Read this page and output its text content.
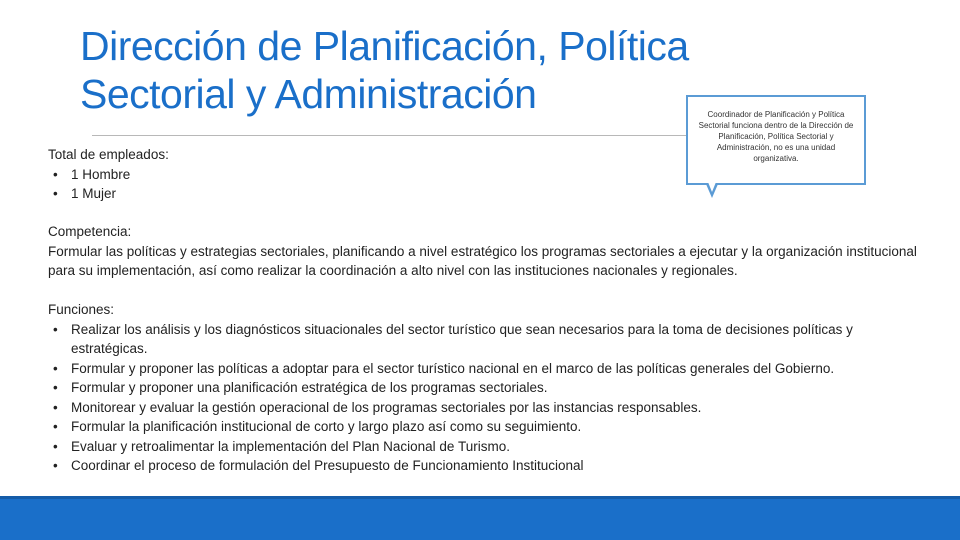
Dirección de Planificación, Política
Sectorial y Administración	Coordinador de Planificación y Política Sectorial funciona dentro de la Dirección de Planificación, Política Sectorial y Administración, no es una unidad organizativa.
Total de empleados:
• 1 Hombre
• 1 Mujer
Competencia:
Formular las políticas y estrategias sectoriales, planificando a nivel estratégico los programas sectoriales a ejecutar y la organización institucional para su implementación, así como realizar la coordinación a alto nivel con las instituciones nacionales y regionales.
Funciones:
• Realizar los análisis y los diagnósticos situacionales del sector turístico que sean necesarios para la toma de decisiones políticas y estratégicas.
• Formular y proponer las políticas a adoptar para el sector turístico nacional en el marco de las políticas generales del Gobierno.
• Formular y proponer una planificación estratégica de los programas sectoriales.
• Monitorear y evaluar la gestión operacional de los programas sectoriales por las instancias responsables.
• Formular la planificación institucional de corto y largo plazo así como su seguimiento.
• Evaluar y retroalimentar la implementación del Plan Nacional de Turismo.
• Coordinar el proceso de formulación del Presupuesto de Funcionamiento Institucional
